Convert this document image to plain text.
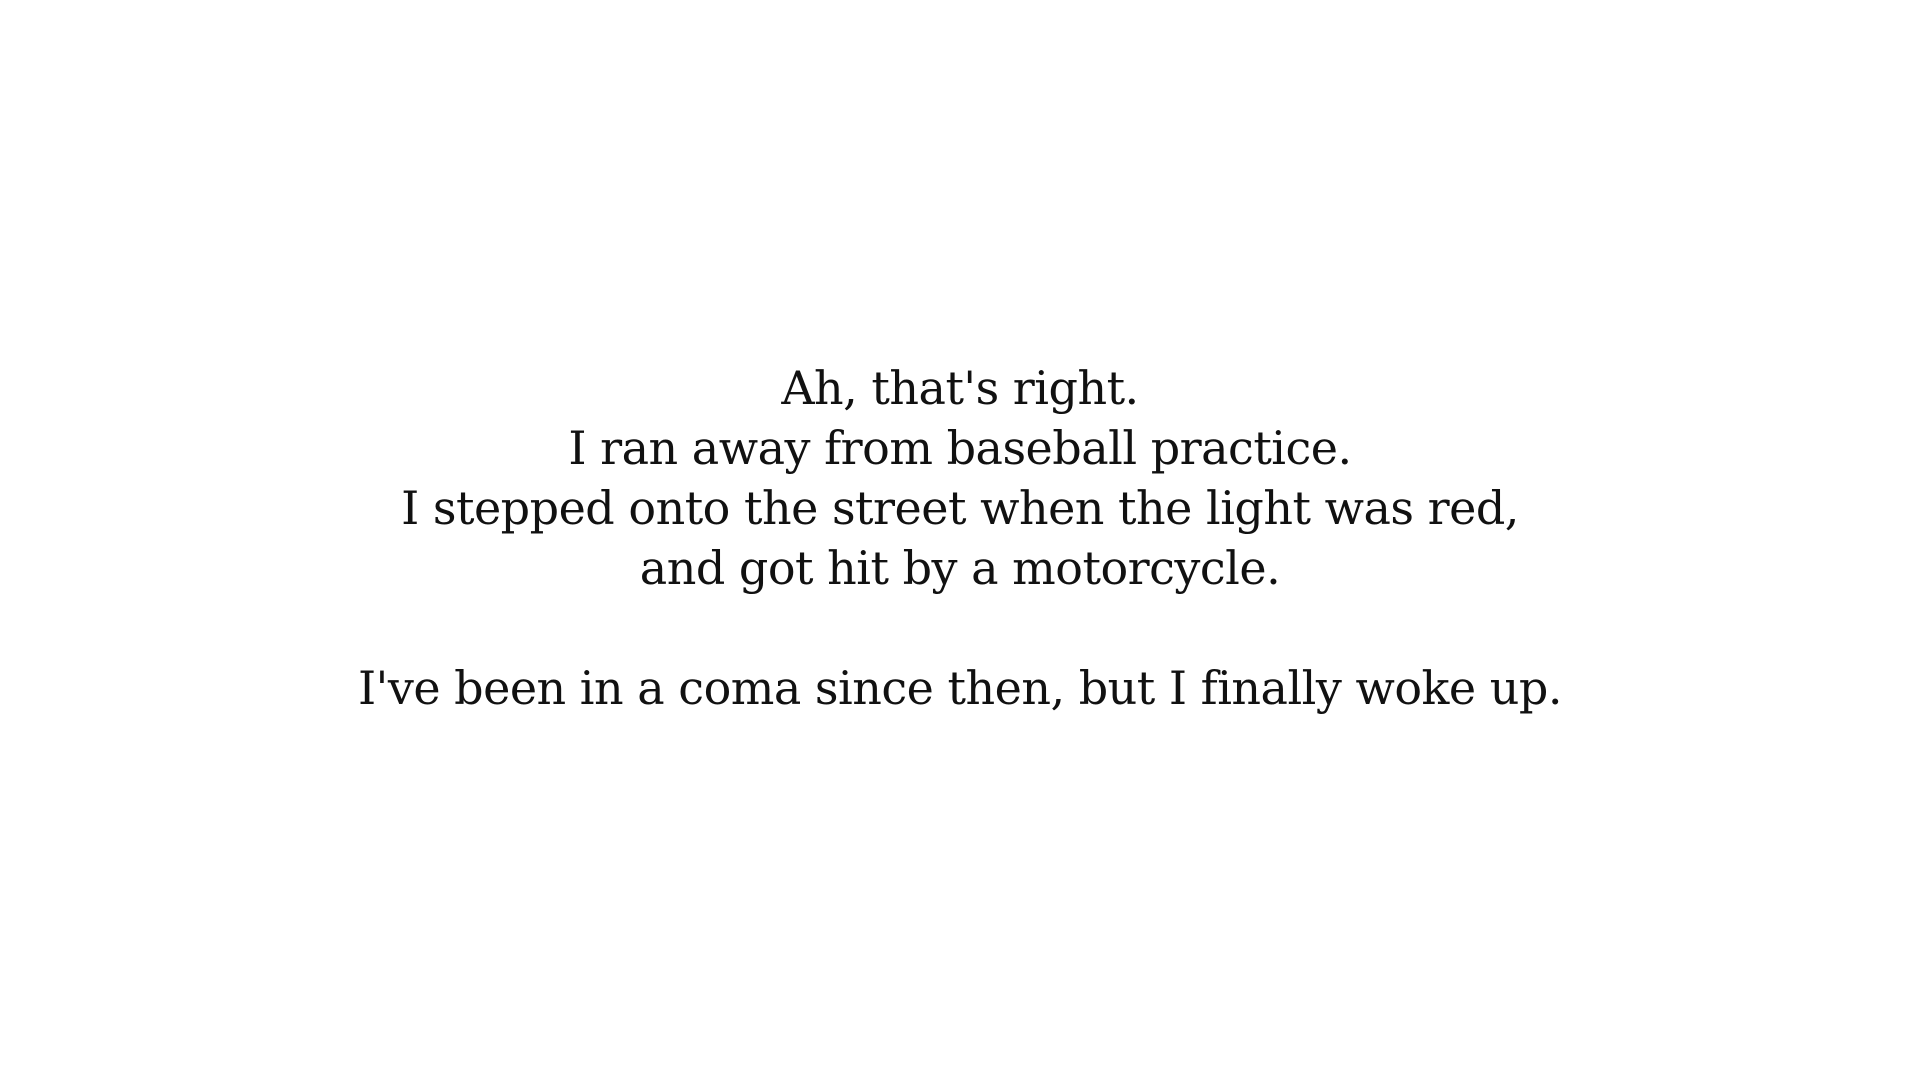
Ah, that's right.
I ran away from baseball practice.
I stepped onto the street when the light was red,
and got hit by a motorcycle.
I've been in a coma since then, but I finally woke up.
